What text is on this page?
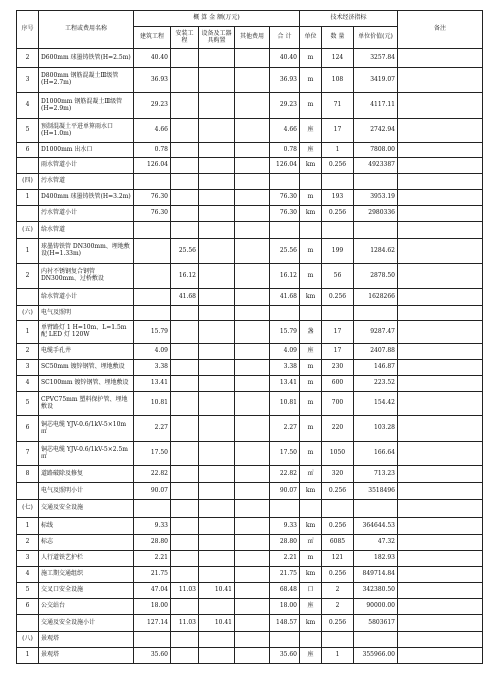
序号	工程或费用名称	概 算 金 额(万元)					技术经济指标			备注
		建筑工程	安装工程	设备及工器具购置	其他费用	合 计	单位	数 量	单位价值(元)	
2	D600mm 球墨铸铁管(H=2.5m)	40.40				40.40	m	124	3257.84	
3	D800mm 钢筋混凝土Ⅲ级管(H=2.7m)	36.93				36.93	m	108	3419.07	
4	D1000mm 钢筋混凝土Ⅲ级管(H=2.9m)	29.23				29.23	m	71	4117.11	
5	预制混凝土平进单箅雨水口(H=1.0m)	4.66				4.66	座	17	2742.94	
6	D1000mm 出水口	0.78				0.78	座	1	7808.00	
	雨水管道小计	126.04				126.04	km	0.256	4923387	
(四)	污水管道									
1	D400mm 球墨铸铁管(H=3.2m)	76.30				76.30	m	193	3953.19	
	污水管道小计	76.30				76.30	km	0.256	2980336	
(五)	给水管道									
1	球墨铸铁管 DN300mm、埋地敷设(H=1.33m)		25.56			25.56	m	199	1284.62	
2	内衬不锈钢复合钢管 DN300mm、过桥敷设		16.12			16.12	m	56	2878.50	
	给水管道小计		41.68			41.68	km	0.256	1628266	
(六)	电气及照明									
1	单臂路灯 1 H=10m、L=1.5m 配 LED 灯 120W	15.79				15.79	盏	17	9287.47	
2	电缆手孔井	4.09				4.09	座	17	2407.88	
3	SC50mm 镀锌钢管、埋地敷设	3.38				3.38	m	230	146.87	
4	SC100mm 镀锌钢管、埋地敷设	13.41				13.41	m	600	223.52	
5	CPVC75mm 塑料保护管、埋地敷设	10.81				10.81	m	700	154.42	
6	铜芯电缆 YJV-0.6/1kV-5×10m㎡	2.27				2.27	m	220	103.28	
7	铜芯电缆 YJV-0.6/1kV-5×2.5m㎡	17.50				17.50	m	1050	166.64	
8	道路破除及修复	22.82				22.82	㎡	320	713.23	
	电气及照明小计	90.07				90.07	km	0.256	3518496	
(七)	交通及安全设施									
1	标线	9.33				9.33	km	0.256	364644.53	
2	标志	28.80				28.80	㎡	6085	47.32	
3	人行道铁艺护栏	2.21				2.21	m	121	182.93	
4	施工期交通组织	21.75				21.75	km	0.256	849714.84	
5	交叉口安全设施	47.04	11.03	10.41		68.48	口	2	342380.50	
6	公交站台	18.00				18.00	座	2	90000.00	
	交通及安全设施小计	127.14	11.03	10.41		148.57	km	0.256	5803617	
(八)	景观塔									
1	景观塔	35.60				35.60	座	1	355966.00	
